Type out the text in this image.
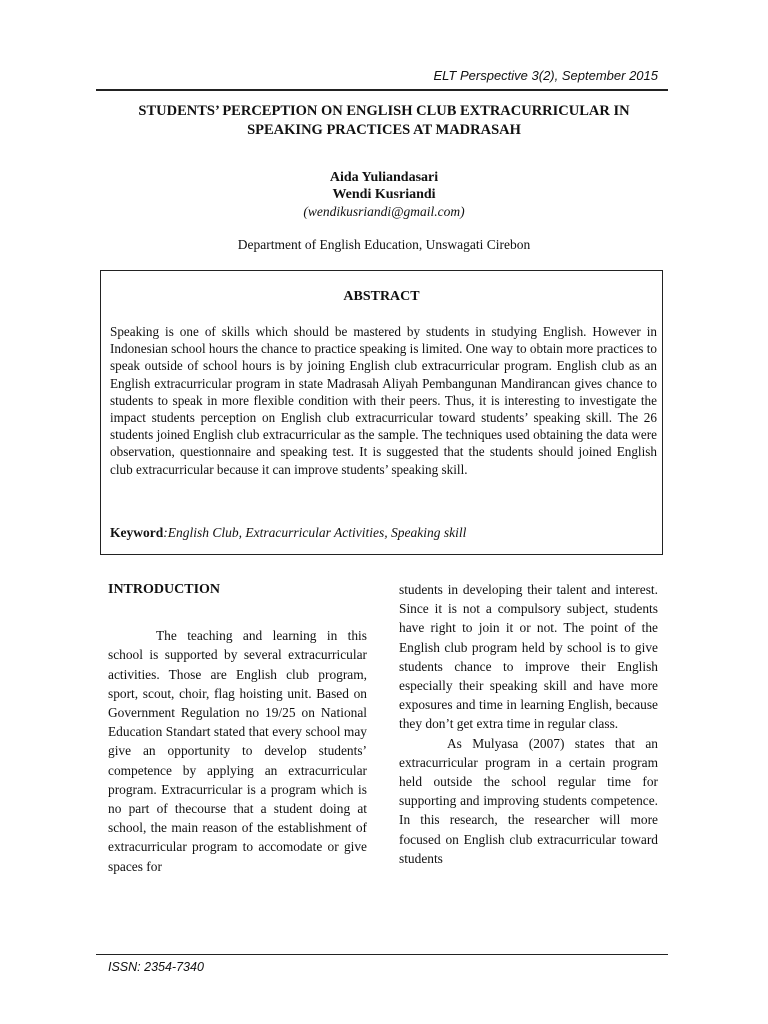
ELT Perspective 3(2), September 2015
STUDENTS’ PERCEPTION ON ENGLISH CLUB EXTRACURRICULAR IN
SPEAKING PRACTICES AT MADRASAH
Aida Yuliandasari
Wendi Kusriandi
(wendikusriandi@gmail.com)
Department of English Education, Unswagati Cirebon
ABSTRACT
Speaking is one of skills which should be mastered by students in studying English. However in Indonesian school hours the chance to practice speaking is limited. One way to obtain more practices to speak outside of school hours is by joining English club extracurricular program. English club as an English extracurricular program in state Madrasah Aliyah Pembangunan Mandirancan gives chance to students to speak in more flexible condition with their peers. Thus, it is interesting to investigate the impact students perception on English club extracurricular toward students’ speaking skill. The 26 students joined English club extracurricular as the sample. The techniques used obtaining the data were observation, questionnaire and speaking test. It is suggested that the students should joined English club extracurricular because it can improve students’ speaking skill.
Keyword:English Club, Extracurricular Activities, Speaking skill
INTRODUCTION

The teaching and learning in this school is supported by several extracurricular activities. Those are English club program, sport, scout, choir, flag hoisting unit. Based on Government Regulation no 19/25 on National Education Standart stated that every school may give an opportunity to develop students’ competence by applying an extracurricular program. Extracurricular is a program which is no part of thecourse that a student doing at school, the main reason of the establishment of extracurricular program to accomodate or give spaces for

students in developing their talent and interest. Since it is not a compulsory subject, students have right to join it or not. The point of the English club program held by school is to give students chance to improve their English especially their speaking skill and have more exposures and time in learning English, because they don’t get extra time in regular class.

As Mulyasa (2007) states that an extracurricular program in a certain program held outside the school regular time for supporting and improving students competence. In this research, the researcher will more focused on English club extracurricular toward students

ISSN: 2354-7340
